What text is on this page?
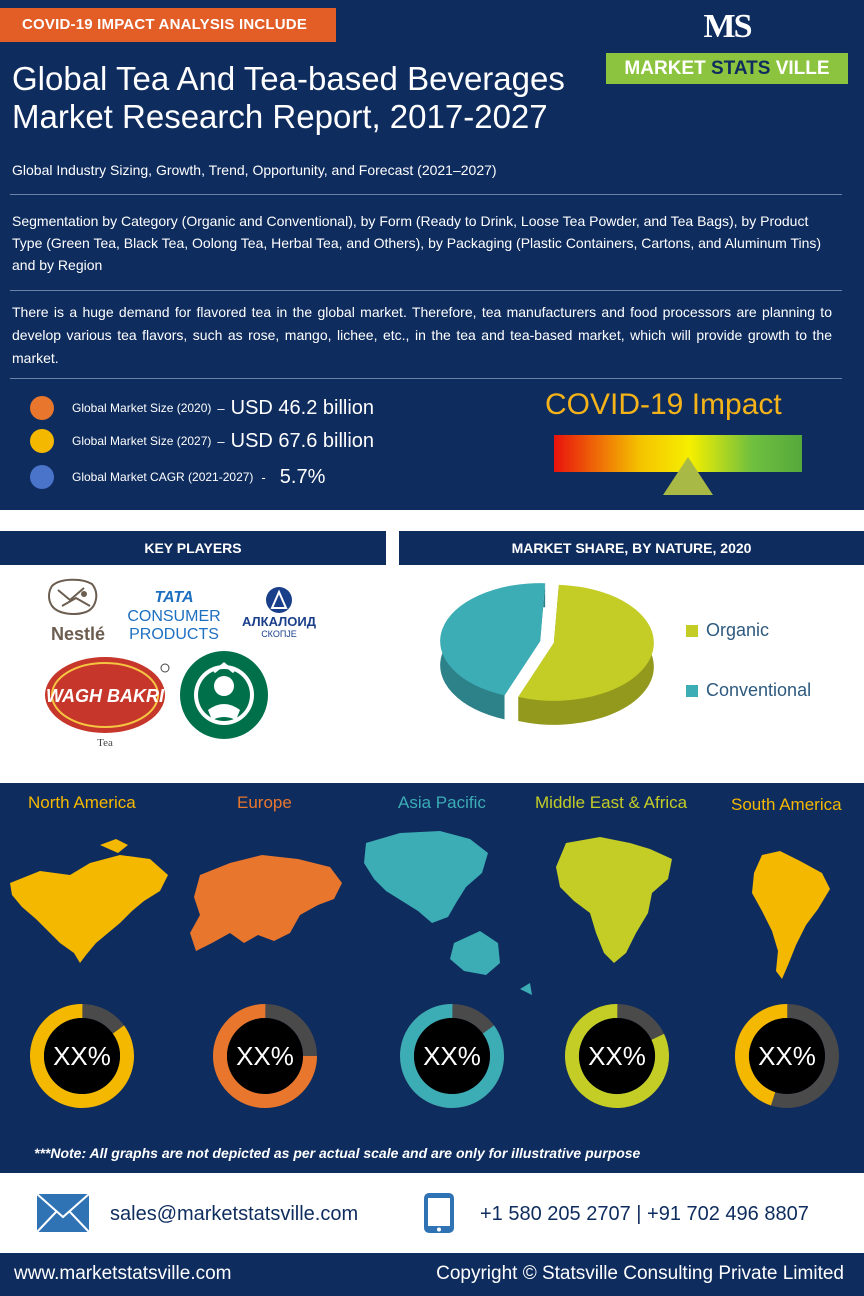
COVID-19 IMPACT ANALYSIS INCLUDE
Global Tea And Tea-based Beverages
Market Research Report, 2017-2027
MS
MARKET STATS VILLE
Global Industry Sizing, Growth, Trend, Opportunity, and Forecast (2021–2027)
Segmentation by Category (Organic and Conventional), by Form (Ready to Drink, Loose Tea Powder, and Tea Bags), by Product Type (Green Tea, Black Tea, Oolong Tea, Herbal Tea, and Others), by Packaging (Plastic Containers, Cartons, and Aluminum Tins) and by Region
There is a huge demand for flavored tea in the global market. Therefore, tea manufacturers and food processors are planning to develop various tea flavors, such as rose, mango, lichee, etc., in the tea and tea-based market, which will provide growth to the market.
Global Market Size (2020) – USD 46.2 billion
Global Market Size (2027) – USD 67.6 billion
Global Market CAGR (2021-2027) - 5.7%
COVID-19 Impact
KEY PLAYERS	MARKET SHARE, BY NATURE, 2020
Nestlé
TATA
CONSUMER
PRODUCTS
АЛКАЛОИД
СКОПЈЕ
WAGH BAKRI
Tea
Organic
Conventional
North America	Europe	Asia Pacific	Middle East & Africa	South America
XX%	XX%	XX%	XX%	XX%
***Note: All graphs are not depicted as per actual scale and are only for illustrative purpose
sales@marketstatsville.com	+1 580 205 2707 | +91 702 496 8807
www.marketstatsville.com	Copyright © Statsville Consulting Private Limited
